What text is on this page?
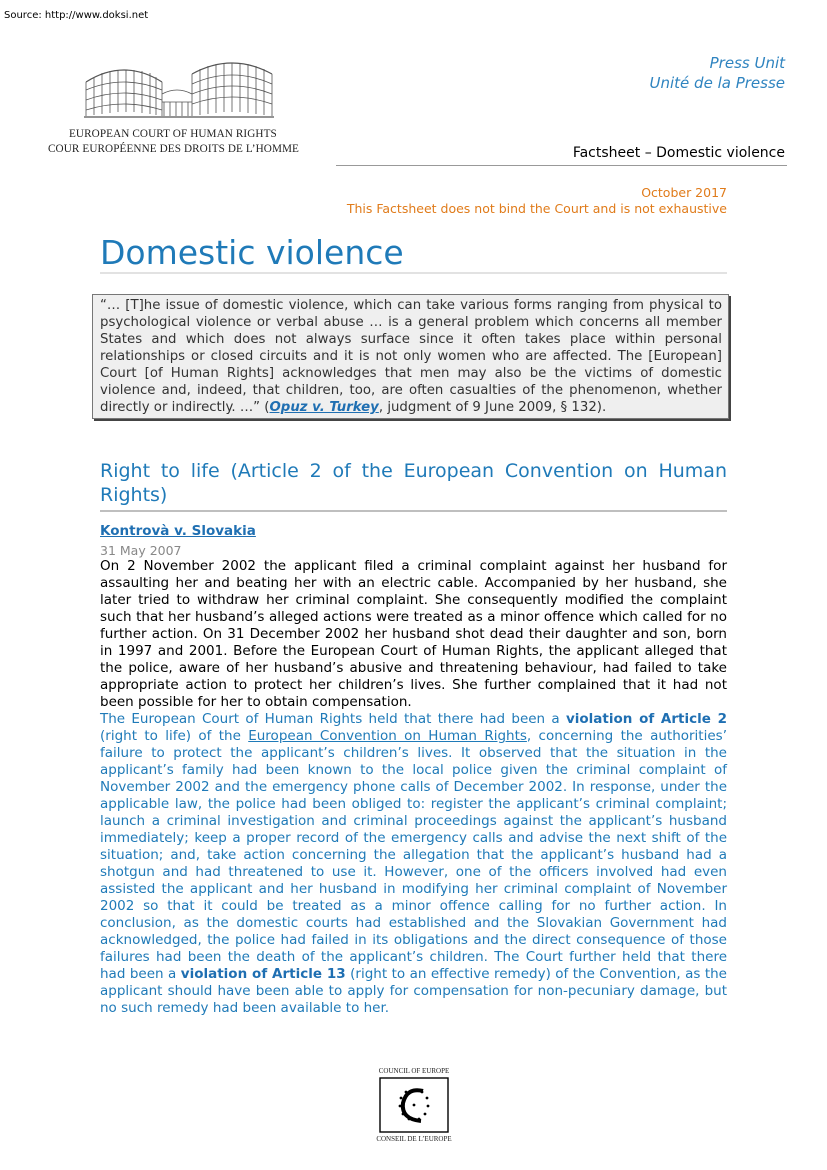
Source: http://www.doksi.net
EUROPEAN COURT OF HUMAN RIGHTS
COUR EUROPÉENNE DES DROITS DE L’HOMME
Press Unit
Unité de la Presse
Factsheet – Domestic violence
October 2017
This Factsheet does not bind the Court and is not exhaustive
Domestic violence
“… [T]he issue of domestic violence, which can take various forms ranging from physical to psychological violence or verbal abuse … is a general problem which concerns all member States and which does not always surface since it often takes place within personal relationships or closed circuits and it is not only women who are affected. The [European] Court [of Human Rights] acknowledges that men may also be the victims of domestic violence and, indeed, that children, too, are often casualties of the phenomenon, whether directly or indirectly. …” (Opuz v. Turkey, judgment of 9 June 2009, § 132).
Right to life (Article 2 of the European Convention on Human Rights)
Kontrovà v. Slovakia
31 May 2007

On 2 November 2002 the applicant filed a criminal complaint against her husband for assaulting her and beating her with an electric cable. Accompanied by her husband, she later tried to withdraw her criminal complaint. She consequently modified the complaint such that her husband’s alleged actions were treated as a minor offence which called for no further action. On 31 December 2002 her husband shot dead their daughter and son, born in 1997 and 2001. Before the European Court of Human Rights, the applicant alleged that the police, aware of her husband’s abusive and threatening behaviour, had failed to take appropriate action to protect her children’s lives. She further complained that it had not been possible for her to obtain compensation.

The European Court of Human Rights held that there had been a violation of Article 2 (right to life) of the European Convention on Human Rights, concerning the authorities’ failure to protect the applicant’s children’s lives. It observed that the situation in the applicant’s family had been known to the local police given the criminal complaint of November 2002 and the emergency phone calls of December 2002. In response, under the applicable law, the police had been obliged to: register the applicant’s criminal complaint; launch a criminal investigation and criminal proceedings against the applicant’s husband immediately; keep a proper record of the emergency calls and advise the next shift of the situation; and, take action concerning the allegation that the applicant’s husband had a shotgun and had threatened to use it. However, one of the officers involved had even assisted the applicant and her husband in modifying her criminal complaint of November 2002 so that it could be treated as a minor offence calling for no further action. In conclusion, as the domestic courts had established and the Slovakian Government had acknowledged, the police had failed in its obligations and the direct consequence of those failures had been the death of the applicant’s children. The Court further held that there had been a violation of Article 13 (right to an effective remedy) of the Convention, as the applicant should have been able to apply for compensation for non-pecuniary damage, but no such remedy had been available to her.

COUNCIL OF EUROPE
CONSEIL DE L’EUROPE
